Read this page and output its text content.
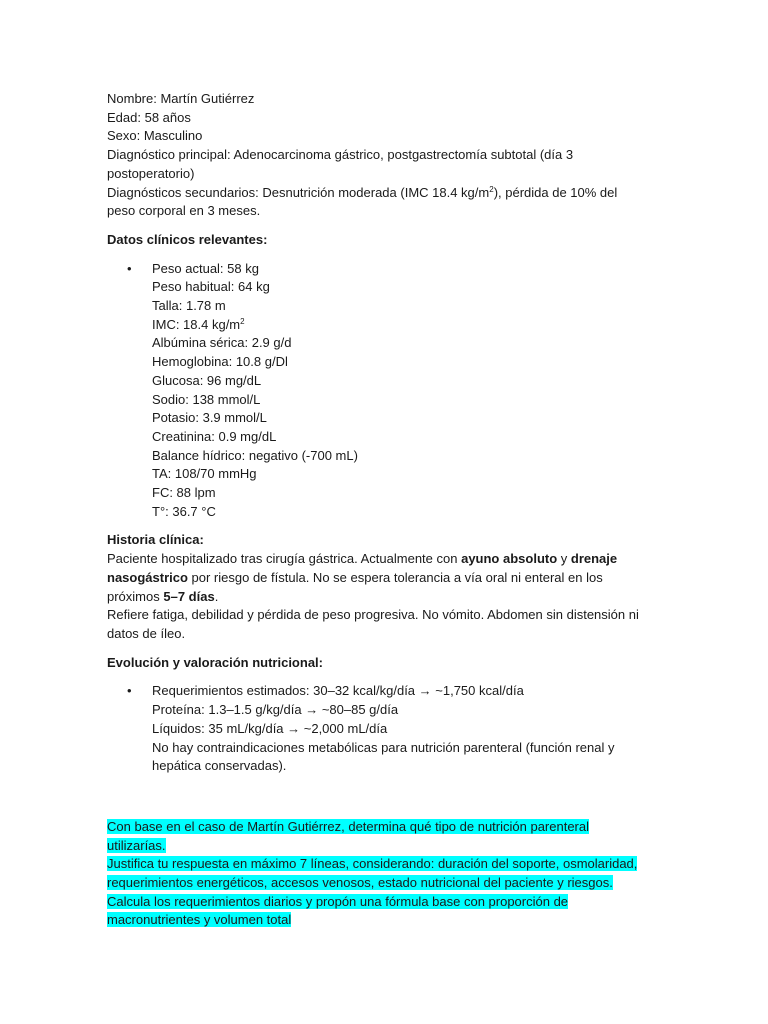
Nombre: Martín Gutiérrez
Edad: 58 años
Sexo: Masculino
Diagnóstico principal: Adenocarcinoma gástrico, postgastrectomía subtotal (día 3
postoperatorio)
Diagnósticos secundarios: Desnutrición moderada (IMC 18.4 $kg/m^2$), pérdida de 10% del
peso corporal en 3 meses.
Datos clínicos relevantes:
• Peso actual: 58 kg
Peso habitual: 64 kg
Talla: 1.78 m
IMC: 18.4 $kg/m^2$
Albúmina sérica: 2.9 g/d
Hemoglobina: 10.8 g/Dl
Glucosa: 96 mg/dL
Sodio: 138 mmol/L
Potasio: 3.9 mmol/L
Creatinina: 0.9 mg/dL
Balance hídrico: negativo (-700 mL)
TA: 108/70 mmHg
FC: 88 lpm
T°: 36.7 °C
Historia clínica:
Paciente hospitalizado tras cirugía gástrica. Actualmente con ayuno absoluto y drenaje
nasogástrico por riesgo de fístula. No se espera tolerancia a vía oral ni enteral en los
próximos 5–7 días.
Refiere fatiga, debilidad y pérdida de peso progresiva. No vómito. Abdomen sin distensión ni
datos de íleo.
Evolución y valoración nutricional:
• Requerimientos estimados: 30–32 kcal/kg/día → ~1,750 kcal/día
Proteína: 1.3–1.5 g/kg/día → ~80–85 g/día
Líquidos: 35 mL/kg/día → ~2,000 mL/día
No hay contraindicaciones metabólicas para nutrición parenteral (función renal y
hepática conservadas).
Con base en el caso de Martín Gutiérrez, determina qué tipo de nutrición parenteral
utilizarías.
Justifica tu respuesta en máximo 7 líneas, considerando: duración del soporte, osmolaridad,
requerimientos energéticos, accesos venosos, estado nutricional del paciente y riesgos.
Calcula los requerimientos diarios y propón una fórmula base con proporción de
macronutrientes y volumen total
